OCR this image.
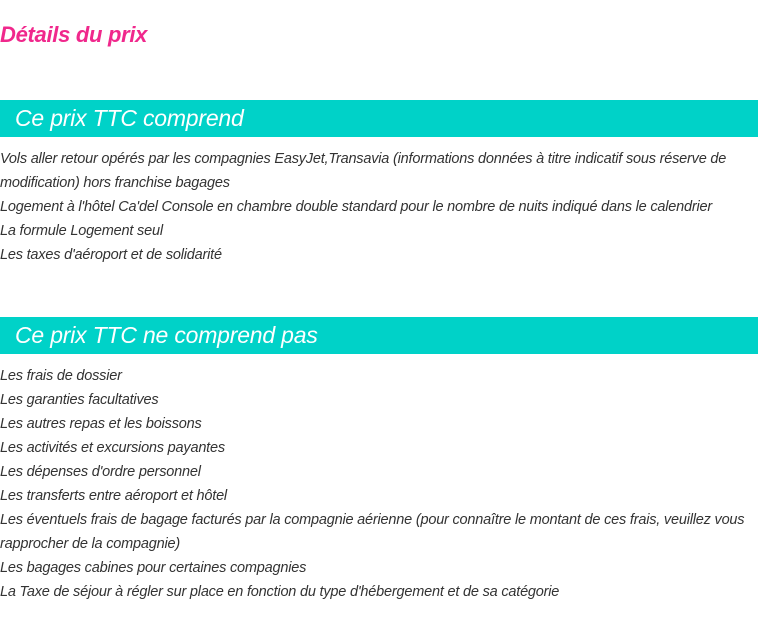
Détails du prix
Ce prix TTC comprend
Vols aller retour opérés par les compagnies EasyJet,Transavia (informations données à titre indicatif sous réserve de modification) hors franchise bagages
Logement à l'hôtel Ca'del Console en chambre double standard pour le nombre de nuits indiqué dans le calendrier
La formule Logement seul
Les taxes d'aéroport et de solidarité
Ce prix TTC ne comprend pas
Les frais de dossier
Les garanties facultatives
Les autres repas et les boissons
Les activités et excursions payantes
Les dépenses d'ordre personnel
Les transferts entre aéroport et hôtel
Les éventuels frais de bagage facturés par la compagnie aérienne (pour connaître le montant de ces frais, veuillez vous rapprocher de la compagnie)
Les bagages cabines pour certaines compagnies
La Taxe de séjour à régler sur place en fonction du type d'hébergement et de sa catégorie
